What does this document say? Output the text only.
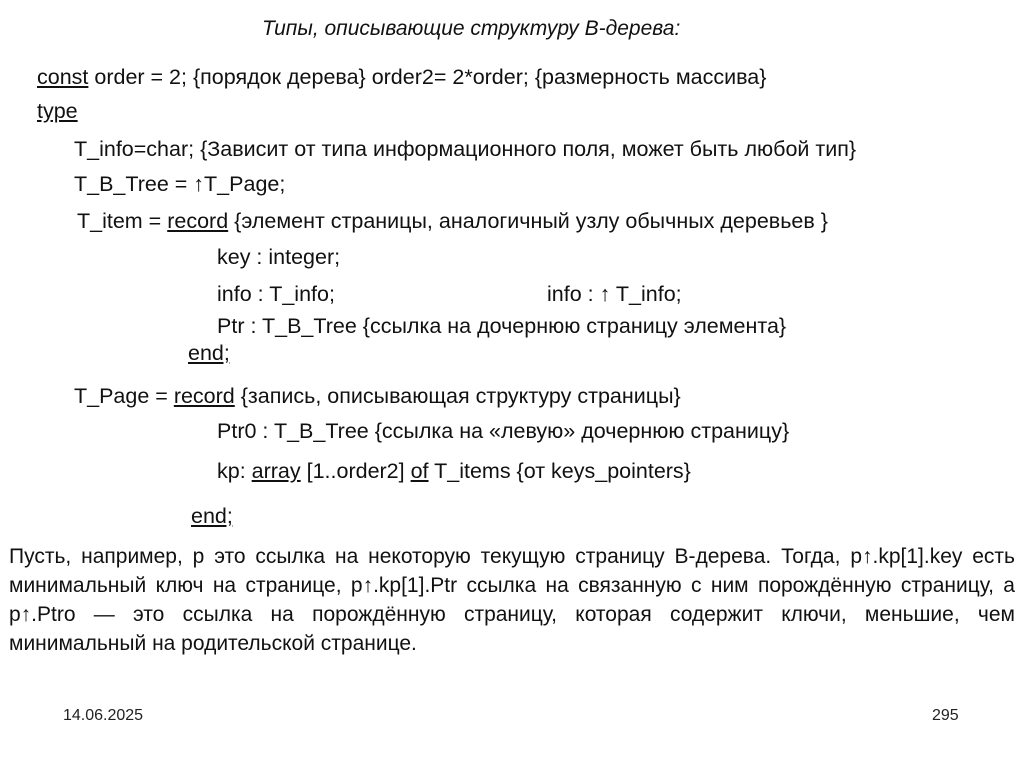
Типы, описывающие структуру B-дерева:
const order = 2; {порядок дерева} order2= 2*order; {размерность массива}
type
T_info=char; {Зависит от типа информационного поля, может быть любой тип}
T_B_Tree = ↑T_Page;
T_item = record {элемент страницы, аналогичный узлу обычных деревьев }
key : integer;
info : T_info;	info : ↑ T_info;
Ptr : T_B_Tree {ссылка на дочернюю страницу элемента}
end;
T_Page = record {запись, описывающая структуру страницы}
Ptr0 : T_B_Tree {ссылка на «левую» дочернюю страницу}
kp: array [1..order2] of T_items {от keys_pointers}
end;
Пусть, например, p это ссылка на некоторую текущую страницу B-дерева. Тогда, p↑.kp[1].key есть минимальный ключ на странице, p↑.kp[1].Ptr ссылка на связанную с ним порождённую страницу, а p↑.Ptro — это ссылка на порождённую страницу, которая содержит ключи, меньшие, чем минимальный на родительской странице.
14.06.2025	295
